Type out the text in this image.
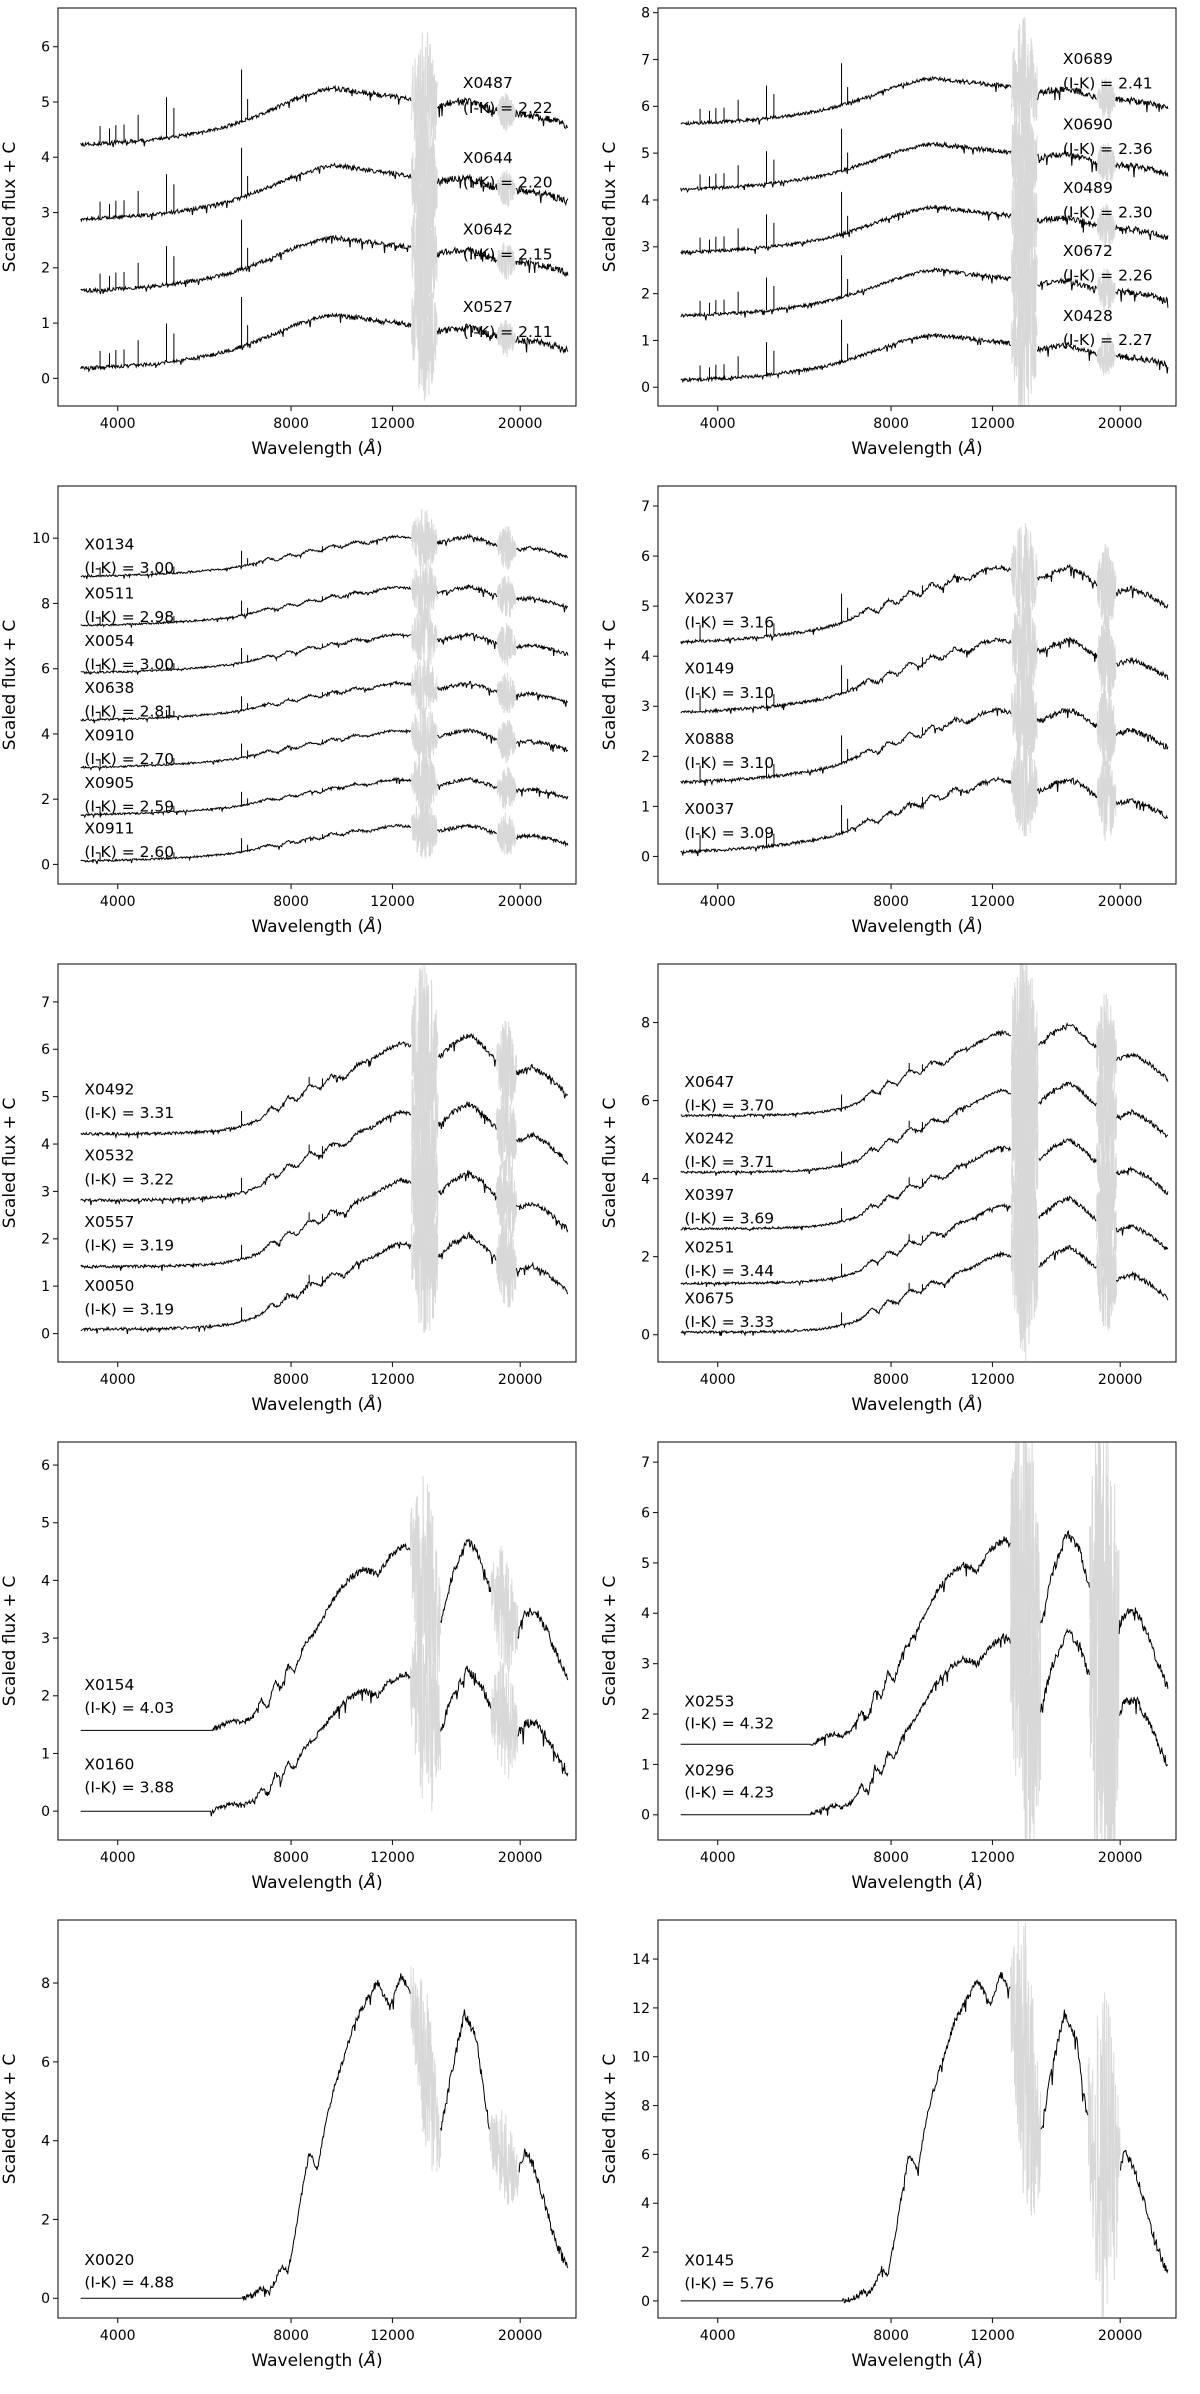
X0487
(I-K) = 2.22
X0644
(I-K) = 2.20
X0642
(I-K) = 2.15
X0527
(I-K) = 2.11
0
1
2
3
4
5
6
4000	8000	12000	20000
Wavelength (Å)
Scaled flux + C
X0689
(I-K) = 2.41
X0690
(I-K) = 2.36
X0489
(I-K) = 2.30
X0672
(I-K) = 2.26
X0428
(I-K) = 2.27
0
1
2
3
4
5
6
7
8
4000	8000	12000	20000
Wavelength (Å)
Scaled flux + C
X0134
(I-K) = 3.00
X0511
(I-K) = 2.98
X0054
(I-K) = 3.00
X0638
(I-K) = 2.81
X0910
(I-K) = 2.70
X0905
(I-K) = 2.59
X0911
(I-K) = 2.60
0
2
4
6
8
10
4000	8000	12000	20000
Wavelength (Å)
Scaled flux + C
X0237
(I-K) = 3.16
X0149
(I-K) = 3.10
X0888
(I-K) = 3.10
X0037
(I-K) = 3.09
0
1
2
3
4
5
6
7
4000	8000	12000	20000
Wavelength (Å)
Scaled flux + C
X0492
(I-K) = 3.31
X0532
(I-K) = 3.22
X0557
(I-K) = 3.19
X0050
(I-K) = 3.19
0
1
2
3
4
5
6
7
4000	8000	12000	20000
Wavelength (Å)
Scaled flux + C
X0647
(I-K) = 3.70
X0242
(I-K) = 3.71
X0397
(I-K) = 3.69
X0251
(I-K) = 3.44
X0675
(I-K) = 3.33
0
2
4
6
8
4000	8000	12000	20000
Wavelength (Å)
Scaled flux + C
X0154
(I-K) = 4.03
X0160
(I-K) = 3.88
0
1
2
3
4
5
6
4000	8000	12000	20000
Wavelength (Å)
Scaled flux + C	X0253
(I-K) = 4.32
X0296
(I-K) = 4.23
0
1
2
3
4
5
6
7
4000	8000	12000	20000
Wavelength (Å)
Scaled flux + C
X0020
(I-K) = 4.88
0
2
4
6
8
4000	8000	12000	20000
Wavelength (Å)
Scaled flux + C
X0145
(I-K) = 5.76
0
2
4
6
8
10
12
14
4000	8000	12000	20000
Wavelength (Å)
Scaled flux + C
